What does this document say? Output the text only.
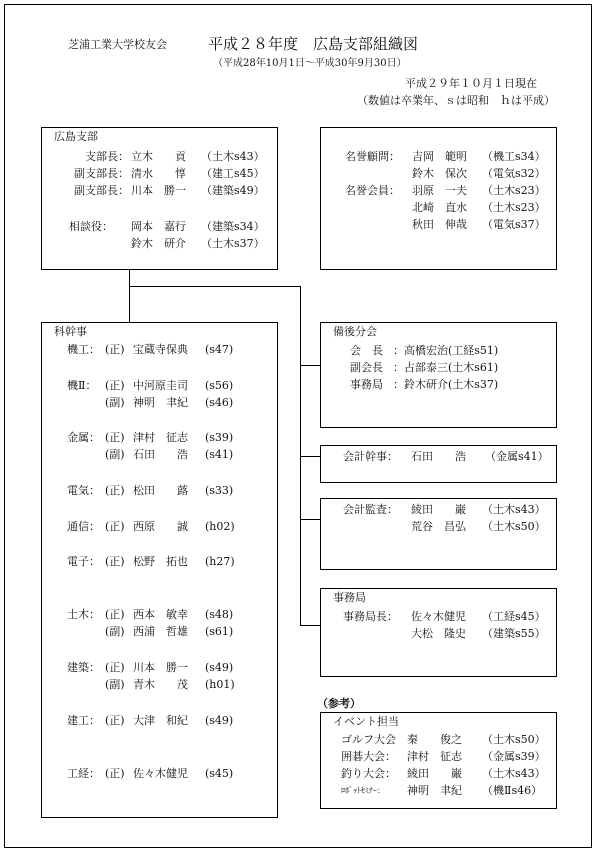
芝浦工業大学校友会	平成２８年度　広島支部組織図
（平成28年10月1日～平成30年9月30日）
平成２９年１０月１日現在
（数値は卒業年、ｓは昭和　ｈは平成）
広島支部
支部長： 立木　　貢 （土木s43）
副支部長： 清水　　惇 （建工s45）
副支部長： 川本　勝一 （建築s49）
相談役： 岡本　嘉行 （建築s34）
鈴木　研介 （土木s37）
名誉顧問： 吉岡　範明 （機工s34）
鈴木　保次 （電気s32）
名誉会員： 羽原　一夫 （土木s23）
北崎　直水 （土木s23）
秋田　伸哉 （電気s37）
科幹事
機工： (正) 宝蔵寺保典 (s47)
機Ⅱ： (正) 中河原圭司 (s56)
(副) 神明　聿紀 (s46)
金属： (正) 津村　征志 (s39)
(副) 石田　　浩 (s41)
電気： (正) 松田　　蕗 (s33)
通信： (正) 西原　　誠 (h02)
電子： (正) 松野　拓也 (h27)
土木： (正) 西本　敏幸 (s48)
(副) 西浦　哲雄 (s61)
建築： (正) 川本　勝一 (s49)
(副) 青木　　茂 (h01)
建工： (正) 大津　和紀 (s49)
工経： (正) 佐々木健児 (s45)
備後分会
会　長 ：高橋宏治(工経s51)
副会長 ：占部泰三(土木s61)
事務局 ：鈴木研介(土木s37)
会計幹事： 石田　　浩 （金属s41）
会計監査： 綾田　　巌 （土木s43）
荒谷　昌弘 （土木s50）
事務局
事務局長： 佐々木健児 （工経s45）
大松　隆史 （建築s55）
（参考）
イベント担当
ゴルフ大会 秦　　俊之 （土木s50）
囲碁大会： 津村　征志 （金属s39）
釣り大会： 綾田　　巌 （土木s43）
ﾛﾎﾞｯﾄｾﾐﾅｰ： 神明　聿紀 （機Ⅱs46）
